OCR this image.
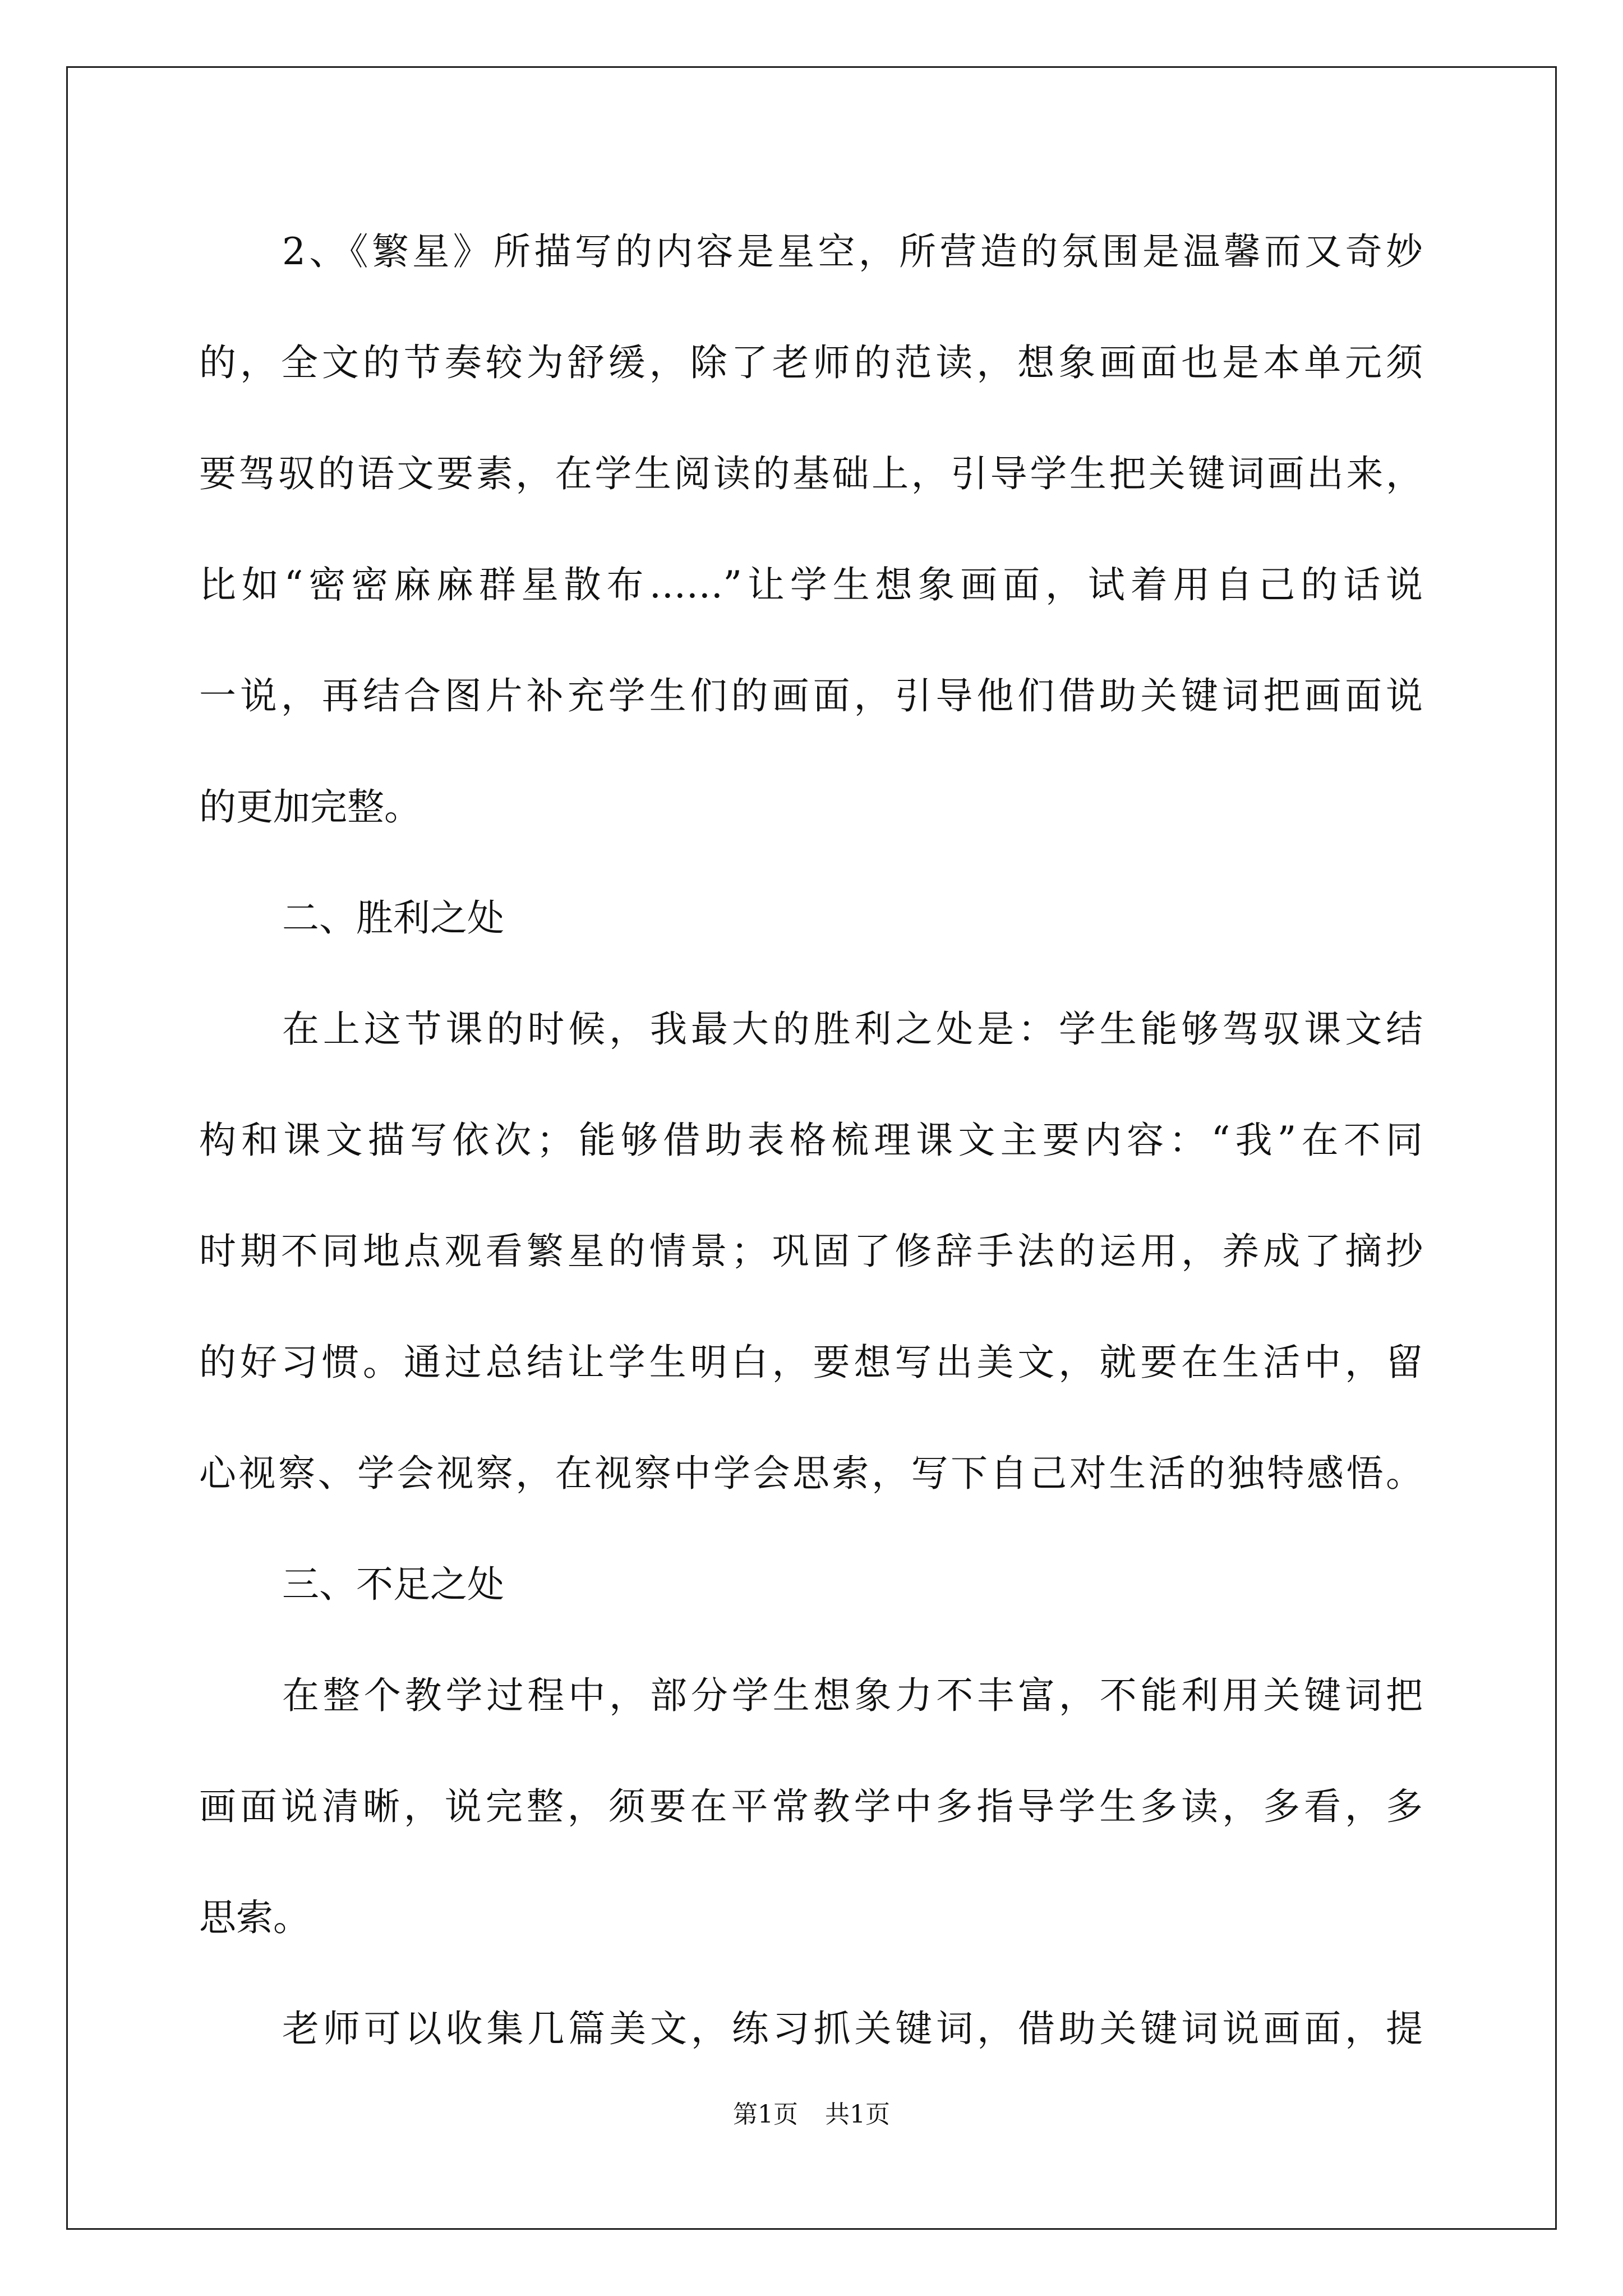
2、《繁星》所描写的内容是星空，所营造的氛围是温馨而又奇妙
的，全文的节奏较为舒缓，除了老师的范读，想象画面也是本单元须
要驾驭的语文要素，在学生阅读的基础上，引导学生把关键词画出来，
比如“密密麻麻群星散布……”让学生想象画面，试着用自己的话说
一说，再结合图片补充学生们的画面，引导他们借助关键词把画面说
的更加完整。
二、胜利之处
在上这节课的时候，我最大的胜利之处是：学生能够驾驭课文结
构和课文描写依次；能够借助表格梳理课文主要内容：“我”在不同
时期不同地点观看繁星的情景；巩固了修辞手法的运用，养成了摘抄
的好习惯。通过总结让学生明白，要想写出美文，就要在生活中，留
心视察、学会视察，在视察中学会思索，写下自己对生活的独特感悟。
三、不足之处
在整个教学过程中，部分学生想象力不丰富，不能利用关键词把
画面说清晰，说完整，须要在平常教学中多指导学生多读，多看，多
思索。
老师可以收集几篇美文，练习抓关键词，借助关键词说画面，提
第1页 共1页
